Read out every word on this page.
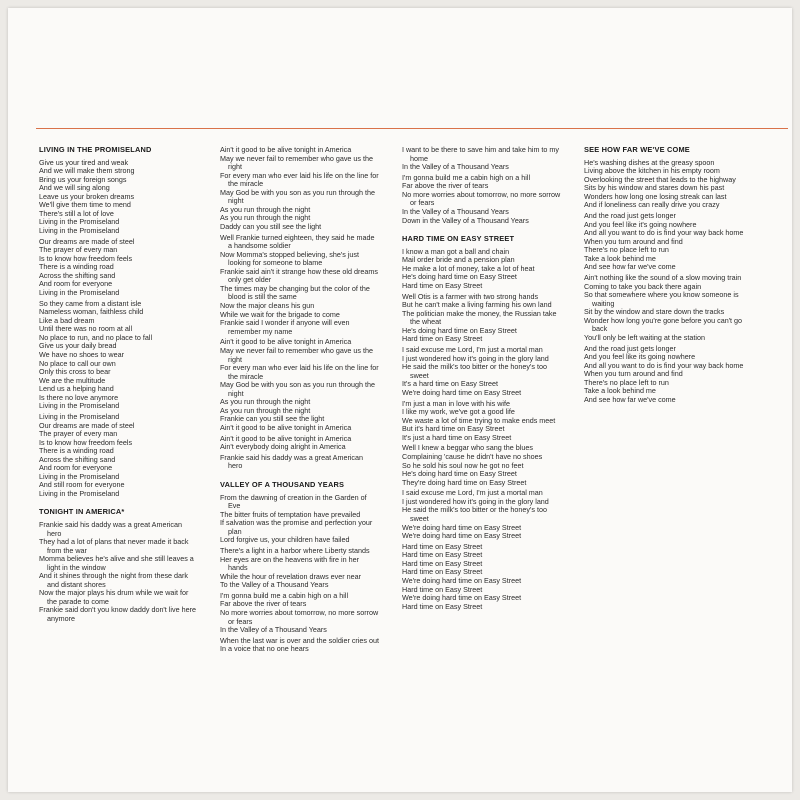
LIVING IN THE PROMISELAND
Give us your tired and weak
And we will make them strong
Bring us your foreign songs
And we will sing along
Leave us your broken dreams
We'll give them time to mend
There's still a lot of love
Living in the Promiseland
Living in the Promiseland
Our dreams are made of steel
The prayer of every man
Is to know how freedom feels
There is a winding road
Across the shifting sand
And room for everyone
Living in the Promiseland
So they came from a distant isle
Nameless woman, faithless child
Like a bad dream
Until there was no room at all
No place to run, and no place to fall
Give us your daily bread
We have no shoes to wear
No place to call our own
Only this cross to bear
We are the multitude
Lend us a helping hand
Is there no love anymore
Living in the Promiseland
Living in the Promiseland
Our dreams are made of steel
The prayer of every man
Is to know how freedom feels
There is a winding road
Across the shifting sand
And room for everyone
Living in the Promiseland
And still room for everyone
Living in the Promiseland
TONIGHT IN AMERICA*
Frankie said his daddy was a great American
hero
They had a lot of plans that never made it back
from the war
Momma believes he's alive and she still leaves a
light in the window
And it shines through the night from these dark
and distant shores
Now the major plays his drum while we wait for
the parade to come
Frankie said don't you know daddy don't live here
anymore
Ain't it good to be alive tonight in America
May we never fail to remember who gave us the
right
For every man who ever laid his life on the line for
the miracle
May God be with you son as you run through the
night
As you run through the night
As you run through the night
Daddy can you still see the light
Well Frankie turned eighteen, they said he made
a handsome soldier
Now Momma's stopped believing, she's just
looking for someone to blame
Frankie said ain't it strange how these old dreams
only get older
The times may be changing but the color of the
blood is still the same
Now the major cleans his gun
While we wait for the brigade to come
Frankie said I wonder if anyone will even
remember my name
Ain't it good to be alive tonight in America
May we never fail to remember who gave us the
right
For every man who ever laid his life on the line for
the miracle
May God be with you son as you run through the
night
As you run through the night
As you run through the night
Frankie can you still see the light
Ain't it good to be alive tonight in America
Ain't it good to be alive tonight in America
Ain't everybody doing alright in America
Frankie said his daddy was a great American
hero
VALLEY OF A THOUSAND YEARS
From the dawning of creation in the Garden of
Eve
The bitter fruits of temptation have prevailed
If salvation was the promise and perfection your
plan
Lord forgive us, your children have failed
There's a light in a harbor where Liberty stands
Her eyes are on the heavens with fire in her
hands
While the hour of revelation draws ever near
To the Valley of a Thousand Years
I'm gonna build me a cabin high on a hill
Far above the river of tears
No more worries about tomorrow, no more sorrow
or fears
In the Valley of a Thousand Years
When the last war is over and the soldier cries out
In a voice that no one hears
I want to be there to save him and take him to my
home
In the Valley of a Thousand Years
I'm gonna build me a cabin high on a hill
Far above the river of tears
No more worries about tomorrow, no more sorrow
or fears
In the Valley of a Thousand Years
Down in the Valley of a Thousand Years
HARD TIME ON EASY STREET
I know a man got a ball and chain
Mail order bride and a pension plan
He make a lot of money, take a lot of heat
He's doing hard time on Easy Street
Hard time on Easy Street
Well Otis is a farmer with two strong hands
But he can't make a living farming his own land
The politician make the money, the Russian take
the wheat
He's doing hard time on Easy Street
Hard time on Easy Street
I said excuse me Lord, I'm just a mortal man
I just wondered how it's going in the glory land
He said the milk's too bitter or the honey's too
sweet
It's a hard time on Easy Street
We're doing hard time on Easy Street
I'm just a man in love with his wife
I like my work, we've got a good life
We waste a lot of time trying to make ends meet
But it's hard time on Easy Street
It's just a hard time on Easy Street
Well I knew a beggar who sang the blues
Complaining 'cause he didn't have no shoes
So he sold his soul now he got no feet
He's doing hard time on Easy Street
They're doing hard time on Easy Street
I said excuse me Lord, I'm just a mortal man
I just wondered how it's going in the glory land
He said the milk's too bitter or the honey's too
sweet
We're doing hard time on Easy Street
We're doing hard time on Easy Street
Hard time on Easy Street
Hard time on Easy Street
Hard time on Easy Street
Hard time on Easy Street
We're doing hard time on Easy Street
Hard time on Easy Street
We're doing hard time on Easy Street
Hard time on Easy Street
SEE HOW FAR WE'VE COME
He's washing dishes at the greasy spoon
Living above the kitchen in his empty room
Overlooking the street that leads to the highway
Sits by his window and stares down his past
Wonders how long one losing streak can last
And if loneliness can really drive you crazy
And the road just gets longer
And you feel like it's going nowhere
And all you want to do is find your way back home
When you turn around and find
There's no place left to run
Take a look behind me
And see how far we've come
Ain't nothing like the sound of a slow moving train
Coming to take you back there again
So that somewhere where you know someone is
waiting
Sit by the window and stare down the tracks
Wonder how long you're gone before you can't go
back
You'll only be left waiting at the station
And the road just gets longer
And you feel like its going nowhere
And all you want to do is find your way back home
When you turn around and find
There's no place left to run
Take a look behind me
And see how far we've come
